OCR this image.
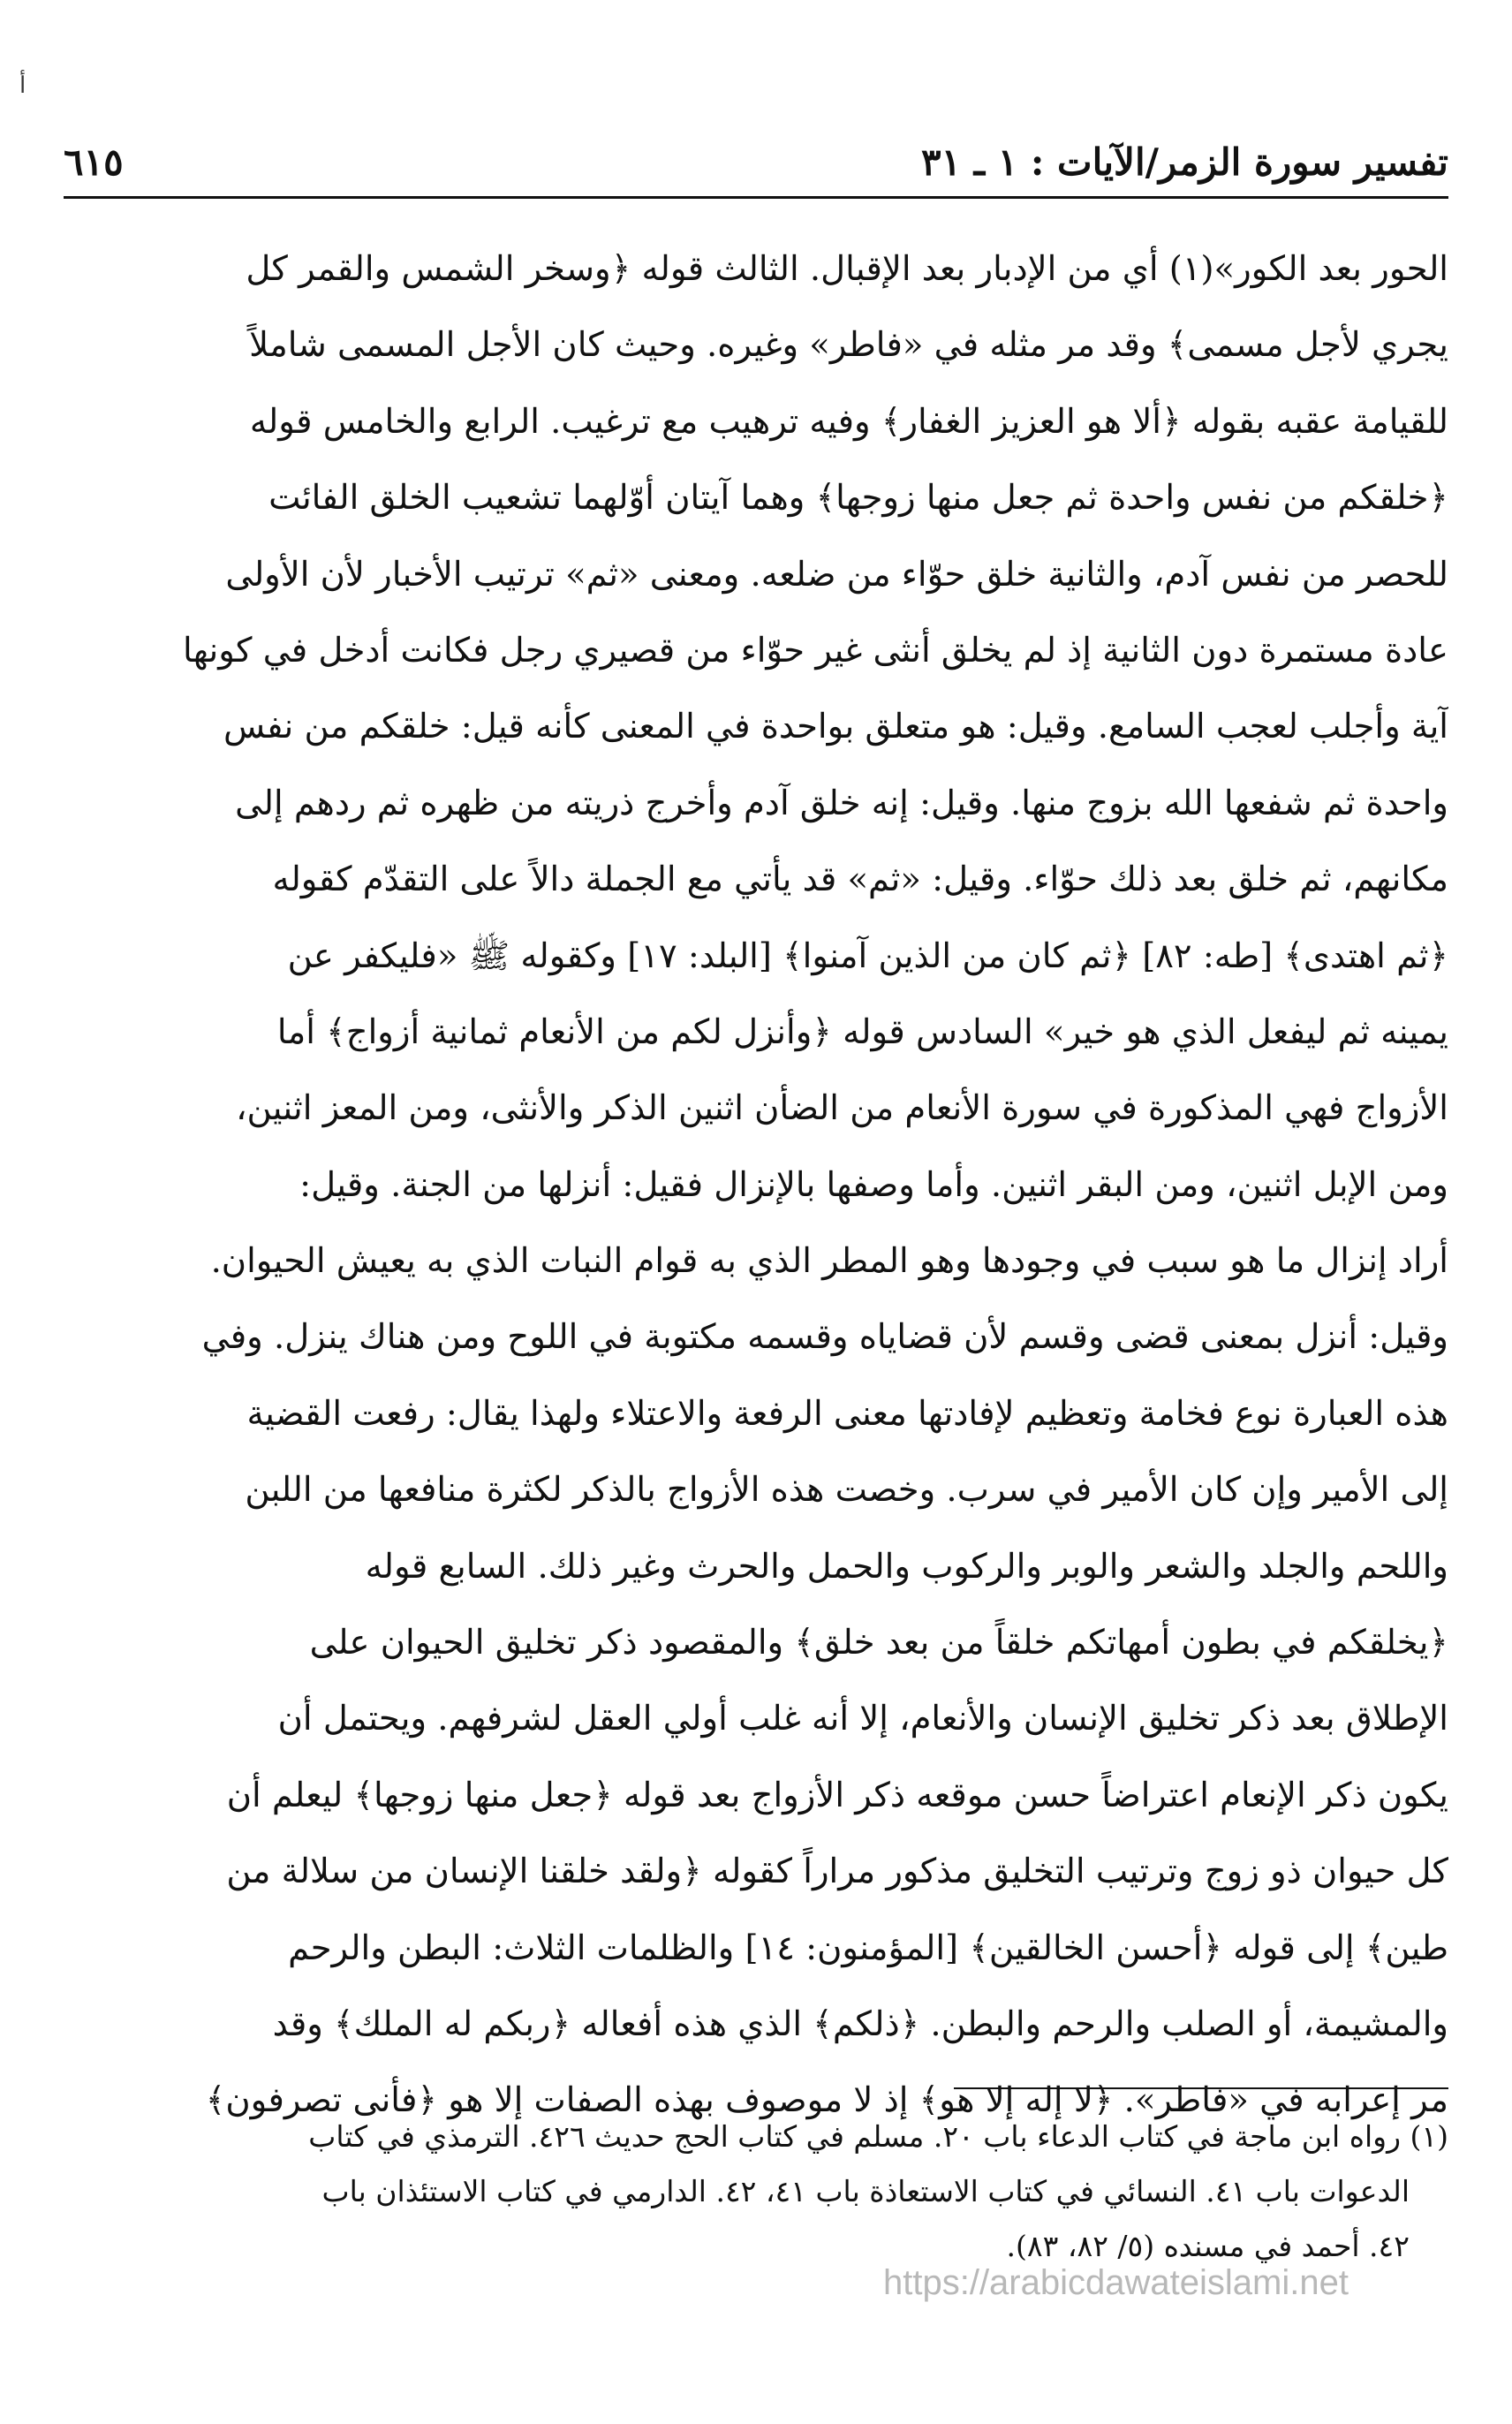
أ
تفسير سورة الزمر/الآيات : ١ ـ ٣١
٦١٥
الحور بعد الكور»(١) أي من الإدبار بعد الإقبال. الثالث قوله ﴿وسخر الشمس والقمر كل
يجري لأجل مسمى﴾ وقد مر مثله في «فاطر» وغيره. وحيث كان الأجل المسمى شاملاً
للقيامة عقبه بقوله ﴿ألا هو العزيز الغفار﴾ وفيه ترهيب مع ترغيب. الرابع والخامس قوله
﴿خلقكم من نفس واحدة ثم جعل منها زوجها﴾ وهما آيتان أوّلهما تشعيب الخلق الفائت
للحصر من نفس آدم، والثانية خلق حوّاء من ضلعه. ومعنى «ثم» ترتيب الأخبار لأن الأولى
عادة مستمرة دون الثانية إذ لم يخلق أنثى غير حوّاء من قصيري رجل فكانت أدخل في كونها
آية وأجلب لعجب السامع. وقيل: هو متعلق بواحدة في المعنى كأنه قيل: خلقكم من نفس
واحدة ثم شفعها الله بزوج منها. وقيل: إنه خلق آدم وأخرج ذريته من ظهره ثم ردهم إلى
مكانهم، ثم خلق بعد ذلك حوّاء. وقيل: «ثم» قد يأتي مع الجملة دالاً على التقدّم كقوله
﴿ثم اهتدى﴾ [طه: ٨٢] ﴿ثم كان من الذين آمنوا﴾ [البلد: ١٧] وكقوله ﷺ «فليكفر عن
يمينه ثم ليفعل الذي هو خير» السادس قوله ﴿وأنزل لكم من الأنعام ثمانية أزواج﴾ أما
الأزواج فهي المذكورة في سورة الأنعام من الضأن اثنين الذكر والأنثى، ومن المعز اثنين،
ومن الإبل اثنين، ومن البقر اثنين. وأما وصفها بالإنزال فقيل: أنزلها من الجنة. وقيل:
أراد إنزال ما هو سبب في وجودها وهو المطر الذي به قوام النبات الذي به يعيش الحيوان.
وقيل: أنزل بمعنى قضى وقسم لأن قضاياه وقسمه مكتوبة في اللوح ومن هناك ينزل. وفي
هذه العبارة نوع فخامة وتعظيم لإفادتها معنى الرفعة والاعتلاء ولهذا يقال: رفعت القضية
إلى الأمير وإن كان الأمير في سرب. وخصت هذه الأزواج بالذكر لكثرة منافعها من اللبن
واللحم والجلد والشعر والوبر والركوب والحمل والحرث وغير ذلك. السابع قوله
﴿يخلقكم في بطون أمهاتكم خلقاً من بعد خلق﴾ والمقصود ذكر تخليق الحيوان على
الإطلاق بعد ذكر تخليق الإنسان والأنعام، إلا أنه غلب أولي العقل لشرفهم. ويحتمل أن
يكون ذكر الإنعام اعتراضاً حسن موقعه ذكر الأزواج بعد قوله ﴿جعل منها زوجها﴾ ليعلم أن
كل حيوان ذو زوج وترتيب التخليق مذكور مراراً كقوله ﴿ولقد خلقنا الإنسان من سلالة من
طين﴾ إلى قوله ﴿أحسن الخالقين﴾ [المؤمنون: ١٤] والظلمات الثلاث: البطن والرحم
والمشيمة، أو الصلب والرحم والبطن. ﴿ذلكم﴾ الذي هذه أفعاله ﴿ربكم له الملك﴾ وقد
مر إعرابه في «فاطر». ﴿لا إله إلا هو﴾ إذ لا موصوف بهذه الصفات إلا هو ﴿فأنى تصرفون﴾
(١) رواه ابن ماجة في كتاب الدعاء باب ٢٠. مسلم في كتاب الحج حديث ٤٢٦. الترمذي في كتاب
الدعوات باب ٤١. النسائي في كتاب الاستعاذة باب ٤١، ٤٢. الدارمي في كتاب الاستئذان باب
٤٢. أحمد في مسنده (٥/ ٨٢، ٨٣).
https://arabicdawateislami.net
